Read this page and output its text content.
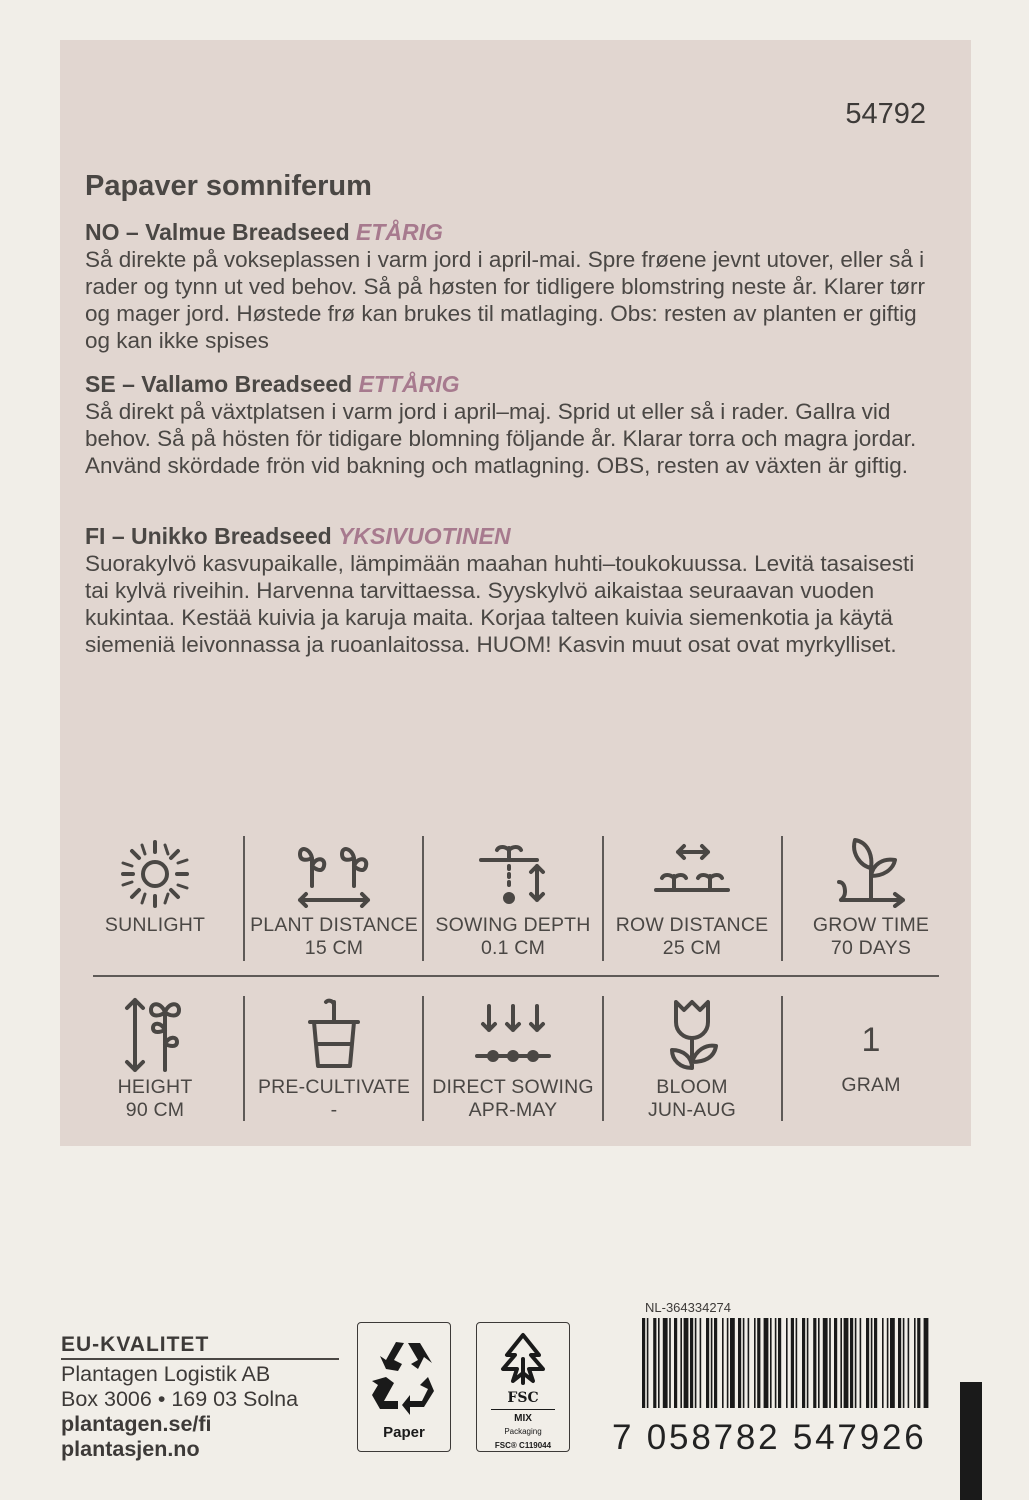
54792
Papaver somniferum
NO – Valmue Breadseed ETÅRIG
Så direkte på vokseplassen i varm jord i april-mai. Spre frøene jevnt utover, eller så i rader og tynn ut ved behov. Så på høsten for tidligere blomstring neste år. Klarer tørr og mager jord. Høstede frø kan brukes til matlaging. Obs: resten av planten er giftig og kan ikke spises
SE – Vallamo Breadseed ETTÅRIG
Så direkt på växtplatsen i varm jord i april–maj. Sprid ut eller så i rader. Gallra vid behov. Så på hösten för tidigare blomning följande år. Klarar torra och magra jordar. Använd skördade frön vid bakning och matlagning. OBS, resten av växten är giftig.
FI – Unikko Breadseed YKSIVUOTINEN
Suorakylvö kasvupaikalle, lämpimään maahan huhti–toukokuussa. Levitä tasaisesti tai kylvä riveihin. Harvenna tarvittaessa. Syyskylvö aikaistaa seuraavan vuoden kukintaa. Kestää kuivia ja karuja maita. Korjaa talteen kuivia siemenkotia ja käytä siemeniä leivonnassa ja ruoanlaitossa. HUOM! Kasvin muut osat ovat myrkylliset.
SUNLIGHT	PLANT DISTANCE
15 CM
SOWING DEPTH
0.1 CM
ROW DISTANCE
25 CM
GROW TIME
70 DAYS
HEIGHT
90 CM
PRE-CULTIVATE
-
DIRECT SOWING
APR-MAY
BLOOM
JUN-AUG
1
GRAM
EU-KVALITET
Plantagen Logistik AB
Box 3006 • 169 03 Solna
plantagen.se/fi
plantasjen.no
Paper
FSC
MIX
Packaging
FSC® C119044
NL-364334274
7 058782 547926
